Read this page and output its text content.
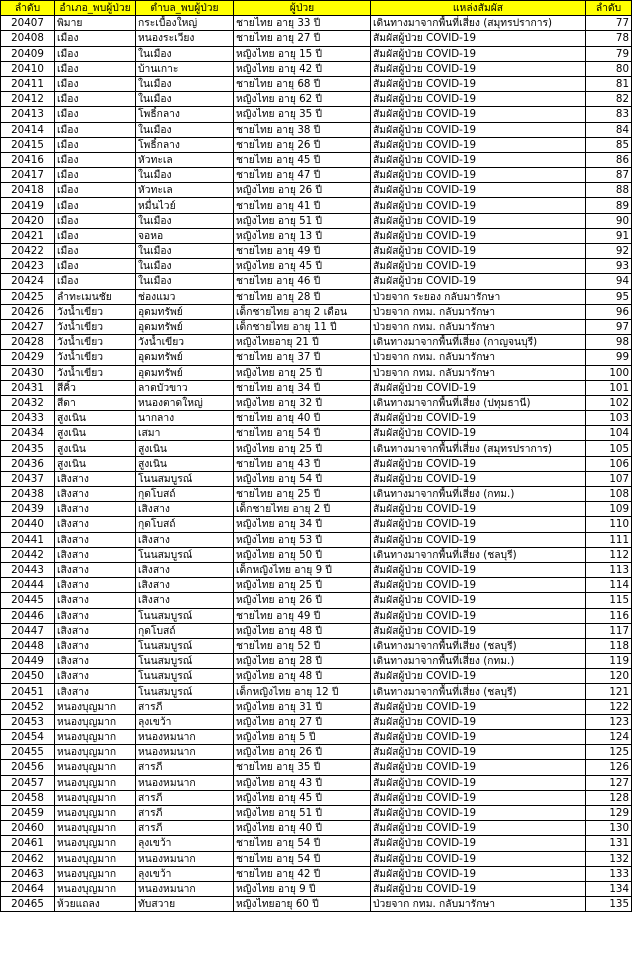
ลำดับ	อำเภอ_พบผู้ป่วย	ตำบล_พบผู้ป่วย	ผู้ป่วย	แหล่งสัมผัส	ลำดับ
20407	พิมาย	กระเบื้องใหญ่	ชายไทย อายุ 33 ปี	เดินทางมาจากพื้นที่เสี่ยง (สมุทรปราการ)	77
20408	เมือง	หนองระเวียง	ชายไทย อายุ 27 ปี	สัมผัสผู้ป่วย COVID-19	78
20409	เมือง	ในเมือง	หญิงไทย อายุ 15 ปี	สัมผัสผู้ป่วย COVID-19	79
20410	เมือง	บ้านเกาะ	หญิงไทย อายุ 42 ปี	สัมผัสผู้ป่วย COVID-19	80
20411	เมือง	ในเมือง	ชายไทย อายุ 68 ปี	สัมผัสผู้ป่วย COVID-19	81
20412	เมือง	ในเมือง	หญิงไทย อายุ 62 ปี	สัมผัสผู้ป่วย COVID-19	82
20413	เมือง	โพธิ์กลาง	หญิงไทย อายุ 35 ปี	สัมผัสผู้ป่วย COVID-19	83
20414	เมือง	ในเมือง	ชายไทย อายุ 38 ปี	สัมผัสผู้ป่วย COVID-19	84
20415	เมือง	โพธิ์กลาง	ชายไทย อายุ 26 ปี	สัมผัสผู้ป่วย COVID-19	85
20416	เมือง	หัวทะเล	ชายไทย อายุ 45 ปี	สัมผัสผู้ป่วย COVID-19	86
20417	เมือง	ในเมือง	ชายไทย อายุ 47 ปี	สัมผัสผู้ป่วย COVID-19	87
20418	เมือง	หัวทะเล	หญิงไทย อายุ 26 ปี	สัมผัสผู้ป่วย COVID-19	88
20419	เมือง	หมื่นไวย์	ชายไทย อายุ 41 ปี	สัมผัสผู้ป่วย COVID-19	89
20420	เมือง	ในเมือง	หญิงไทย อายุ 51 ปี	สัมผัสผู้ป่วย COVID-19	90
20421	เมือง	จอหอ	หญิงไทย อายุ 13 ปี	สัมผัสผู้ป่วย COVID-19	91
20422	เมือง	ในเมือง	ชายไทย อายุ 49 ปี	สัมผัสผู้ป่วย COVID-19	92
20423	เมือง	ในเมือง	หญิงไทย อายุ 45 ปี	สัมผัสผู้ป่วย COVID-19	93
20424	เมือง	ในเมือง	ชายไทย อายุ 46 ปี	สัมผัสผู้ป่วย COVID-19	94
20425	ลำทะเมนชัย	ช่องแมว	ชายไทย อายุ 28 ปี	ป่วยจาก ระยอง กลับมารักษา	95
20426	วังน้ำเขียว	อุดมทรัพย์	เด็กชายไทย อายุ 2 เดือน	ป่วยจาก กทม. กลับมารักษา	96
20427	วังน้ำเขียว	อุดมทรัพย์	เด็กชายไทย อายุ 11 ปี	ป่วยจาก กทม. กลับมารักษา	97
20428	วังน้ำเขียว	วังน้ำเขียว	หญิงไทยอายุ 21 ปี	เดินทางมาจากพื้นที่เสี่ยง (กาญจนบุรี)	98
20429	วังน้ำเขียว	อุดมทรัพย์	ชายไทย อายุ 37 ปี	ป่วยจาก กทม. กลับมารักษา	99
20430	วังน้ำเขียว	อุดมทรัพย์	หญิงไทย อายุ 25 ปี	ป่วยจาก กทม. กลับมารักษา	100
20431	สีคิ้ว	ลาดบัวขาว	ชายไทย อายุ 34 ปี	สัมผัสผู้ป่วย COVID-19	101
20432	สีดา	หนองตาดใหญ่	หญิงไทย อายุ 32 ปี	เดินทางมาจากพื้นที่เสี่ยง (ปทุมธานี)	102
20433	สูงเนิน	นากลาง	ชายไทย อายุ 40 ปี	สัมผัสผู้ป่วย COVID-19	103
20434	สูงเนิน	เสมา	ชายไทย อายุ 54 ปี	สัมผัสผู้ป่วย COVID-19	104
20435	สูงเนิน	สูงเนิน	หญิงไทย อายุ 25 ปี	เดินทางมาจากพื้นที่เสี่ยง (สมุทรปราการ)	105
20436	สูงเนิน	สูงเนิน	ชายไทย อายุ 43 ปี	สัมผัสผู้ป่วย COVID-19	106
20437	เสิงสาง	โนนสมบูรณ์	หญิงไทย อายุ 54 ปี	สัมผัสผู้ป่วย COVID-19	107
20438	เสิงสาง	กุดโบสถ์	ชายไทย อายุ 25 ปี	เดินทางมาจากพื้นที่เสี่ยง (กทม.)	108
20439	เสิงสาง	เสิงสาง	เด็กชายไทย อายุ 2 ปี	สัมผัสผู้ป่วย COVID-19	109
20440	เสิงสาง	กุดโบสถ์	หญิงไทย อายุ 34 ปี	สัมผัสผู้ป่วย COVID-19	110
20441	เสิงสาง	เสิงสาง	หญิงไทย อายุ 53 ปี	สัมผัสผู้ป่วย COVID-19	111
20442	เสิงสาง	โนนสมบูรณ์	หญิงไทย อายุ 50 ปี	เดินทางมาจากพื้นที่เสี่ยง (ชลบุรี)	112
20443	เสิงสาง	เสิงสาง	เด็กหญิงไทย อายุ 9 ปี	สัมผัสผู้ป่วย COVID-19	113
20444	เสิงสาง	เสิงสาง	หญิงไทย อายุ 25 ปี	สัมผัสผู้ป่วย COVID-19	114
20445	เสิงสาง	เสิงสาง	หญิงไทย อายุ 26 ปี	สัมผัสผู้ป่วย COVID-19	115
20446	เสิงสาง	โนนสมบูรณ์	ชายไทย อายุ 49 ปี	สัมผัสผู้ป่วย COVID-19	116
20447	เสิงสาง	กุดโบสถ์	หญิงไทย อายุ 48 ปี	สัมผัสผู้ป่วย COVID-19	117
20448	เสิงสาง	โนนสมบูรณ์	ชายไทย อายุ 52 ปี	เดินทางมาจากพื้นที่เสี่ยง (ชลบุรี)	118
20449	เสิงสาง	โนนสมบูรณ์	หญิงไทย อายุ 28 ปี	เดินทางมาจากพื้นที่เสี่ยง (กทม.)	119
20450	เสิงสาง	โนนสมบูรณ์	หญิงไทย อายุ 48 ปี	สัมผัสผู้ป่วย COVID-19	120
20451	เสิงสาง	โนนสมบูรณ์	เด็กหญิงไทย อายุ 12 ปี	เดินทางมาจากพื้นที่เสี่ยง (ชลบุรี)	121
20452	หนองบุญมาก	สารภี	หญิงไทย อายุ 31 ปี	สัมผัสผู้ป่วย COVID-19	122
20453	หนองบุญมาก	ลุงเขว้า	หญิงไทย อายุ 27 ปี	สัมผัสผู้ป่วย COVID-19	123
20454	หนองบุญมาก	หนองหมนาก	หญิงไทย อายุ 5 ปี	สัมผัสผู้ป่วย COVID-19	124
20455	หนองบุญมาก	หนองหมนาก	หญิงไทย อายุ 26 ปี	สัมผัสผู้ป่วย COVID-19	125
20456	หนองบุญมาก	สารภี	ชายไทย อายุ 35 ปี	สัมผัสผู้ป่วย COVID-19	126
20457	หนองบุญมาก	หนองหมนาก	หญิงไทย อายุ 43 ปี	สัมผัสผู้ป่วย COVID-19	127
20458	หนองบุญมาก	สารภี	หญิงไทย อายุ 45 ปี	สัมผัสผู้ป่วย COVID-19	128
20459	หนองบุญมาก	สารภี	หญิงไทย อายุ 51 ปี	สัมผัสผู้ป่วย COVID-19	129
20460	หนองบุญมาก	สารภี	หญิงไทย อายุ 40 ปี	สัมผัสผู้ป่วย COVID-19	130
20461	หนองบุญมาก	ลุงเขว้า	ชายไทย อายุ 54 ปี	สัมผัสผู้ป่วย COVID-19	131
20462	หนองบุญมาก	หนองหมนาก	ชายไทย อายุ 54 ปี	สัมผัสผู้ป่วย COVID-19	132
20463	หนองบุญมาก	ลุงเขว้า	ชายไทย อายุ 42 ปี	สัมผัสผู้ป่วย COVID-19	133
20464	หนองบุญมาก	หนองหมนาก	หญิงไทย อายุ 9 ปี	สัมผัสผู้ป่วย COVID-19	134
20465	ห้วยแถลง	ทับสวาย	หญิงไทยอายุ 60 ปี	ป่วยจาก กทม. กลับมารักษา	135
